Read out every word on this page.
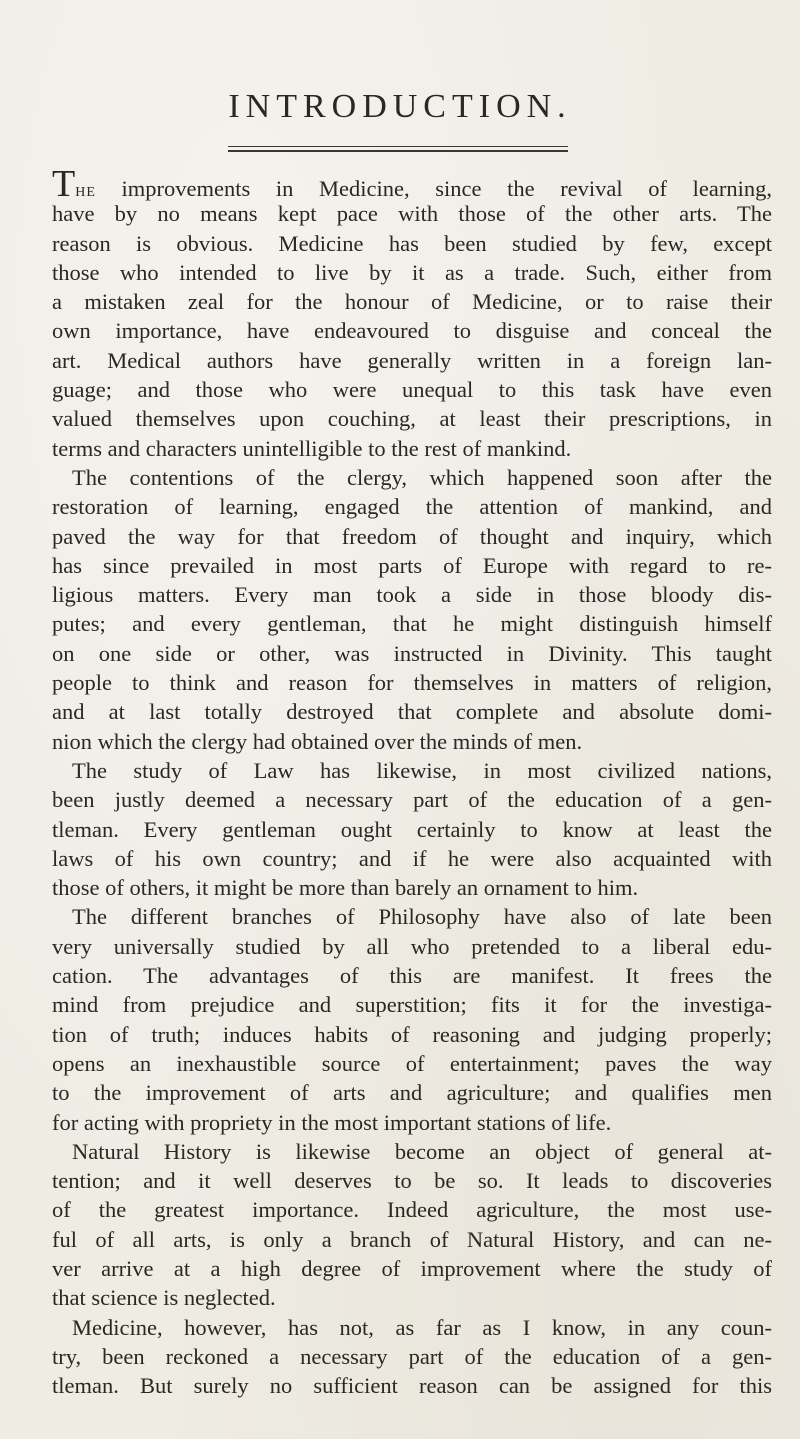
INTRODUCTION.
The improvements in Medicine, since the revival of learning,
have by no means kept pace with those of the other arts. The
reason is obvious. Medicine has been studied by few, except
those who intended to live by it as a trade. Such, either from
a mistaken zeal for the honour of Medicine, or to raise their
own importance, have endeavoured to disguise and conceal the
art. Medical authors have generally written in a foreign lan-
guage; and those who were unequal to this task have even
valued themselves upon couching, at least their prescriptions, in
terms and characters unintelligible to the rest of mankind.
The contentions of the clergy, which happened soon after the
restoration of learning, engaged the attention of mankind, and
paved the way for that freedom of thought and inquiry, which
has since prevailed in most parts of Europe with regard to re-
ligious matters. Every man took a side in those bloody dis-
putes; and every gentleman, that he might distinguish himself
on one side or other, was instructed in Divinity. This taught
people to think and reason for themselves in matters of religion,
and at last totally destroyed that complete and absolute domi-
nion which the clergy had obtained over the minds of men.
The study of Law has likewise, in most civilized nations,
been justly deemed a necessary part of the education of a gen-
tleman. Every gentleman ought certainly to know at least the
laws of his own country; and if he were also acquainted with
those of others, it might be more than barely an ornament to him.
The different branches of Philosophy have also of late been
very universally studied by all who pretended to a liberal edu-
cation. The advantages of this are manifest. It frees the
mind from prejudice and superstition; fits it for the investiga-
tion of truth; induces habits of reasoning and judging properly;
opens an inexhaustible source of entertainment; paves the way
to the improvement of arts and agriculture; and qualifies men
for acting with propriety in the most important stations of life.
Natural History is likewise become an object of general at-
tention; and it well deserves to be so. It leads to discoveries
of the greatest importance. Indeed agriculture, the most use-
ful of all arts, is only a branch of Natural History, and can ne-
ver arrive at a high degree of improvement where the study of
that science is neglected.
Medicine, however, has not, as far as I know, in any coun-
try, been reckoned a necessary part of the education of a gen-
tleman. But surely no sufficient reason can be assigned for this
